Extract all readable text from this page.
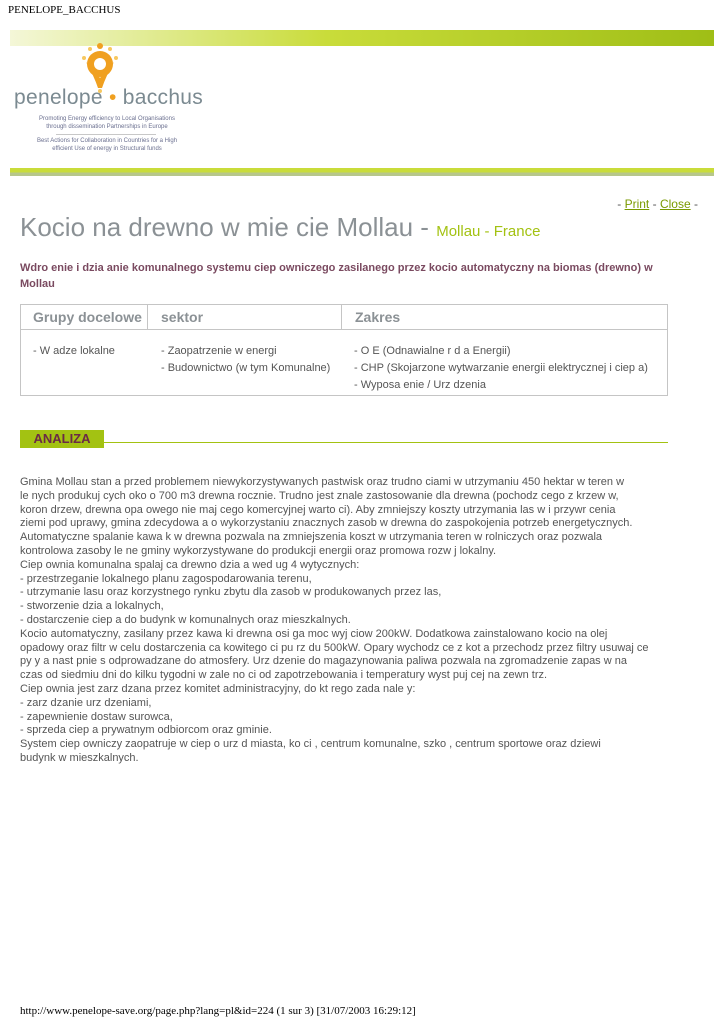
PENELOPE_BACCHUS
penelope • bacchus
Promoting Energy efficiency to Local Organisations through dissemination Partnerships in Europe
Best Actions for Collaboration in Countries for a High efficient Use of energy in Structural funds
- Print - Close -
Kocio na drewno w mie cie Mollau - Mollau - France
Wdro enie i dzia anie komunalnego systemu ciep owniczego zasilanego przez kocio automatyczny na biomas (drewno) w Mollau
Grupy docelowe sektor	Zakres
- W adze lokalne	- Zaopatrzenie w energi
- Budownictwo (w tym Komunalne)
- O E (Odnawialne r d a Energii)
- CHP (Skojarzone wytwarzanie energii elektrycznej i ciep a)
- Wyposa enie / Urz dzenia
ANALIZA
Gmina Mollau stan a przed problemem niewykorzystywanych pastwisk oraz trudno ciami w utrzymaniu 450 hektar w teren w
le nych produkuj cych oko o 700 m3 drewna rocznie. Trudno jest znale zastosowanie dla drewna (pochodz cego z krzew w,
koron drzew, drewna opa owego nie maj cego komercyjnej warto ci). Aby zmniejszy koszty utrzymania las w i przywr cenia
ziemi pod uprawy, gmina zdecydowa a o wykorzystaniu znacznych zasob w drewna do zaspokojenia potrzeb energetycznych.
Automatyczne spalanie kawa k w drewna pozwala na zmniejszenia koszt w utrzymania teren w rolniczych oraz pozwala
kontrolowa zasoby le ne gminy wykorzystywane do produkcji energii oraz promowa rozw j lokalny.
Ciep ownia komunalna spalaj ca drewno dzia a wed ug 4 wytycznych:
- przestrzeganie lokalnego planu zagospodarowania terenu,
- utrzymanie lasu oraz korzystnego rynku zbytu dla zasob w produkowanych przez las,
- stworzenie dzia a lokalnych,
- dostarczenie ciep a do budynk w komunalnych oraz mieszkalnych.
Kocio automatyczny, zasilany przez kawa ki drewna osi ga moc wyj ciow 200kW. Dodatkowa zainstalowano kocio na olej
opadowy oraz filtr w celu dostarczenia ca kowitego ci pu rz du 500kW. Opary wychodz ce z kot a przechodz przez filtry usuwaj ce
py y a nast pnie s odprowadzane do atmosfery. Urz dzenie do magazynowania paliwa pozwala na zgromadzenie zapas w na
czas od siedmiu dni do kilku tygodni w zale no ci od zapotrzebowania i temperatury wyst puj cej na zewn trz.
Ciep ownia jest zarz dzana przez komitet administracyjny, do kt rego zada nale y:
- zarz dzanie urz dzeniami,
- zapewnienie dostaw surowca,
- sprzeda ciep a prywatnym odbiorcom oraz gminie.
System ciep owniczy zaopatruje w ciep o urz d miasta, ko ci , centrum komunalne, szko , centrum sportowe oraz dziewi
budynk w mieszkalnych.
http://www.penelope-save.org/page.php?lang=pl&id=224 (1 sur 3) [31/07/2003 16:29:12]
